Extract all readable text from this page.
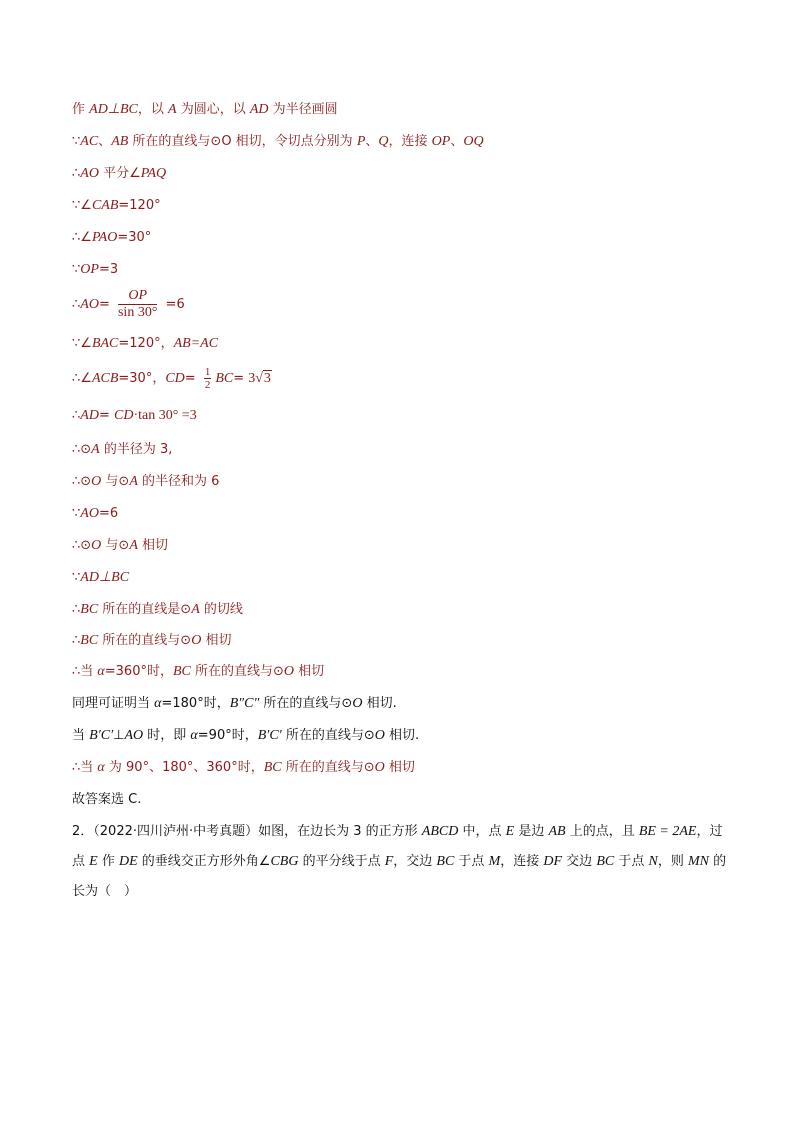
作 AD⊥BC，以 A 为圆心，以 AD 为半径画圆
∵AC、AB 所在的直线与⊙O 相切，令切点分别为 P、Q，连接 OP、OQ
∴AO 平分∠PAQ
∵∠CAB=120°
∴∠PAO=30°
∵OP=3
∴AO= $\frac{OP}{\sin 30^\circ} =6$
∵∠BAC=120°，AB=AC
∴∠ACB=30°，$CD= \frac{1}{2} BC= 3√3$
∴AD= CD·tan 30° =3
∴⊙A 的半径为 3,
∴⊙O 与⊙A 的半径和为 6
∵AO=6
∴⊙O 与⊙A 相切
∵AD⊥BC
∴BC 所在的直线是⊙A 的切线
∴BC 所在的直线与⊙O 相切
∴当 α=360°时，BC 所在的直线与⊙O 相切
同理可证明当 α=180°时，B″C″ 所在的直线与⊙O 相切.
当 B′C′⊥AO 时，即 α=90°时，B′C′ 所在的直线与⊙O 相切.
∴当 α 为 90°、180°、360°时，BC 所在的直线与⊙O 相切
故答案选 C.
2．（2022·四川泸州·中考真题）如图，在边长为 3 的正方形 ABCD 中，点 E 是边 AB 上的点，且 BE = 2AE，过点 E 作 DE 的垂线交正方形外角∠CBG 的平分线于点 F，交边 BC 于点 M，连接 DF 交边 BC 于点 N，则 MN 的长为（　）
